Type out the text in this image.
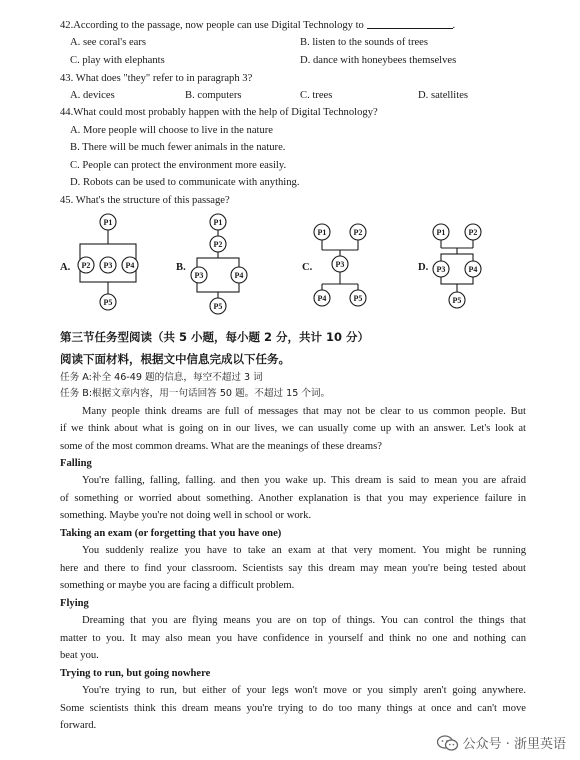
42.According to the passage, now people can use Digital Technology to	.
A. see coral's ears	B. listen to the sounds of trees
C. play with elephants	D. dance with honeybees themselves
43. What does "they" refer to in paragraph 3?
A. devices	B. computers	C. trees	D. satellites
44.What could most probably happen with the help of Digital Technology?
A. More people will choose to live in the nature
B. There will be much fewer animals in the nature.
C. People can protect the environment more easily.
D. Robots can be used to communicate with anything.
45. What's the structure of this passage?
A.
P1
P2 P3 P4
P5
B.
P1
P2
P3	P4
P5
C.
P1	P2
P3
P4	P5
D.
P1	P2
P3	P4
P5
第三节任务型阅读（共 5 小题，每小题 2 分，共计 10 分）
阅读下面材料，根据文中信息完成以下任务。
任务 A:补全 46-49 题的信息，每空不超过 3 词
任务 B:根据文章内容，用一句话回答 50 题。不超过 15 个词。
Many people think dreams are full of messages that may not be clear to us common people. But
if we think about what is going on in our lives, we can usually come up with an answer. Let's look at
some of the most common dreams. What are the meanings of these dreams?
Falling
You're falling, falling, falling. and then you wake up. This dream is said to mean you are afraid
of something or worried about something. Another explanation is that you may experience failure in
something. Maybe you're not doing well in school or work.
Taking an exam (or forgetting that you have one)
You suddenly realize you have to take an exam at that very moment. You might be running
here and there to find your classroom. Scientists say this dream may mean you're being tested about
something or maybe you are facing a difficult problem.
Flying
Dreaming that you are flying means you are on top of things. You can control the things that
matter to you. It may also mean you have confidence in yourself and think no one and nothing can
beat you.
Trying to run, but going nowhere
You're trying to run, but either of your legs won't move or you simply aren't going anywhere.
Some scientists think this dream means you're trying to do too many things at once and can't move
forward.
公众号 · 浙里英语
